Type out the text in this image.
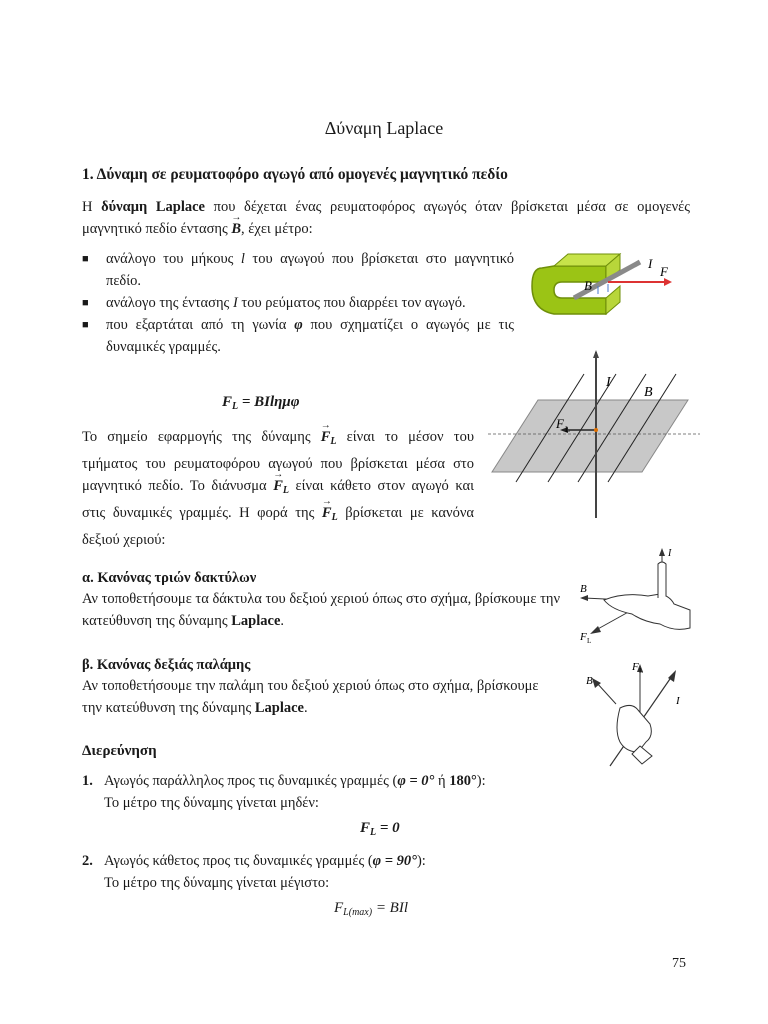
Δύναμη Laplace
1. Δύναμη σε ρευματοφόρο αγωγό από ομογενές μαγνητικό πεδίο
Η δύναμη Laplace που δέχεται ένας ρευματοφόρος αγωγός όταν βρίσκεται μέσα σε ομογενές μαγνητικό πεδίο έντασης → B, έχει μέτρο:
■ ανάλογο του μήκους l του αγωγού που βρίσκεται στο μαγνητικό πεδίο.
■ ανάλογο της έντασης I του ρεύματος που διαρρέει τον αγωγό.
■ που εξαρτάται από τη γωνία φ που σχηματίζει ο αγωγός με τις δυναμικές γραμμές.
$F_L = BIl\eta\mu\varphi$
Το σημείο εφαρμογής της $\delta ύ\nu\alpha\mu\eta\varsigma \to F_L$ είναι το μέσον του τμήματος του ρευματοφόρου αγωγού που βρίσκεται μέσα στο μαγνητικό πεδίο. Το $\delta\iota ά\nu\upsilon\sigma\mu\alpha \to F_L$ είναι κάθετο στον αγωγό και στις δυναμικές γραμμές. Η φορά $\tau\eta\varsigma \to F_L$ βρίσκεται με κανόνα δεξιού χεριού:
α. Κανόνας τριών δακτύλων
Αν τοποθετήσουμε τα δάκτυλα του δεξιού χεριού όπως στο σχήμα, βρίσκουμε την κατεύθυνση της δύναμης Laplace.
β. Κανόνας δεξιάς παλάμης
Αν τοποθετήσουμε την παλάμη του δεξιού χεριού όπως στο σχήμα, βρίσκουμε την κατεύθυνση της δύναμης Laplace.
Διερεύνηση
1. Αγωγός παράλληλος προς τις δυναμικές γραμμές (φ = 0° ή 180°):
Το μέτρο της δύναμης γίνεται μηδέν:
$F_L = 0$
2. Αγωγός κάθετος προς τις δυναμικές γραμμές (φ = 90°):
Το μέτρο της δύναμης γίνεται μέγιστο:
$F_{L(max)}$ = BIl
75
B
I
F
I
B
F L
I
B
F L
F L
B
I
